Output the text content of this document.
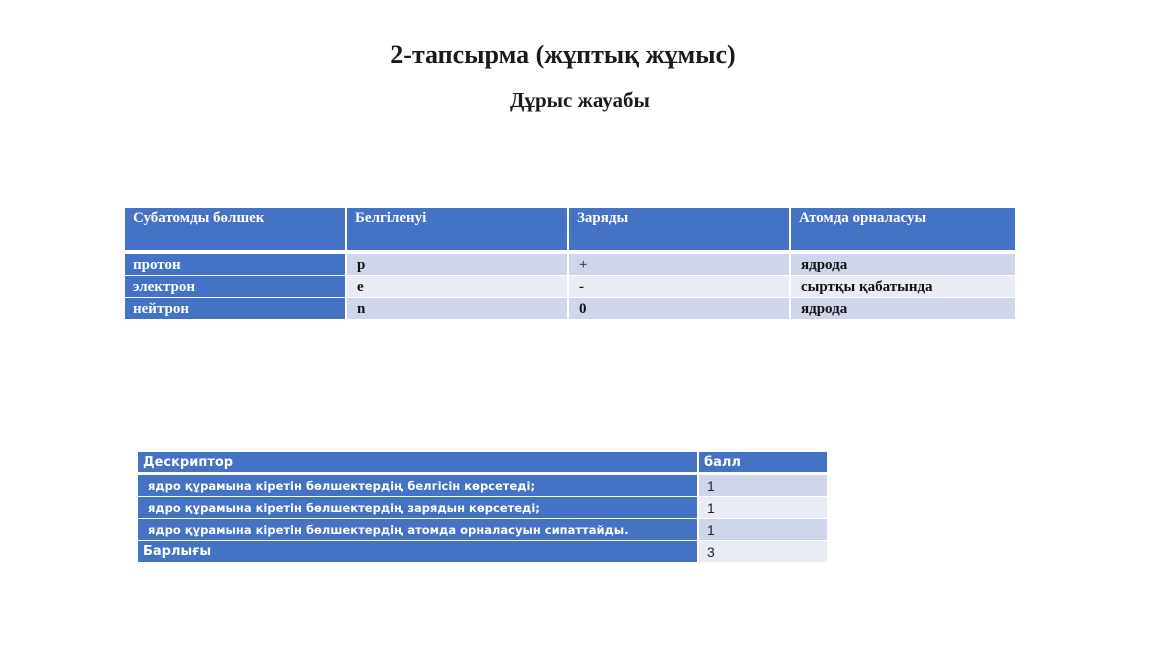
2-тапсырма (жұптық жұмыс)
Дұрыс жауабы
Субатомды бөлшек	Белгіленуі	Заряды	Атомда орналасуы
протон	p	+	ядрода
электрон	e	-	сыртқы қабатында
нейтрон	n	0	ядрода
Дескриптор	балл
ядро құрамына кіретін бөлшектердің белгісін көрсетеді;	1
ядро құрамына кіретін бөлшектердің зарядын көрсетеді;	1
ядро құрамына кіретін бөлшектердің атомда орналасуын сипаттайды.	1
Барлығы	3
